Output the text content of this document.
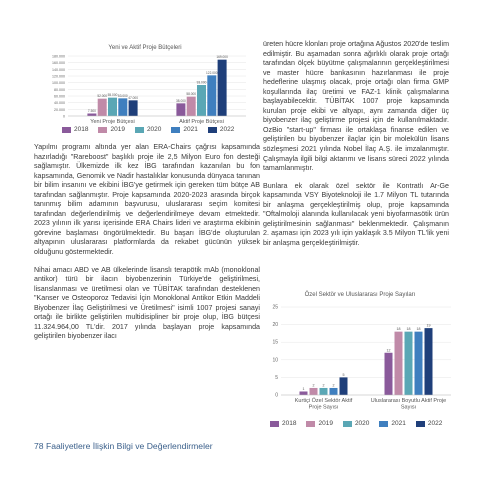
Yeni ve Aktif Proje Bütçeleri
0
20.000
40.000
60.000
80.000
100.000
120.000
140.000
160.000
180.000
7.500
52.000 55.000 53.000 47.000
Yeni Proje Bütçesi
38.000
58.000
93.000
122.000
169.000
Aktif Proje Bütçesi
2018	2019	2020	2021	2022

Yapılmı programı altında yer alan ERA-Chairs çağrısı kapsamında hazırladığı "Rareboost" başlıklı proje ile 2,5 Milyon Euro fon desteği sağlamıştır. Ülkemizde ilk kez İBG tarafından kazanılan bu fon kapsamında, Genomik ve Nadir hastalıklar konusunda dünyaca tanınan bir bilim insanını ve ekibini İBG'ye getirmek için gereken tüm bütçe AB tarafından sağlanmıştır. Proje kapsamında 2020-2023 arasında birçok tanınmış bilim adamının başvurusu, uluslararası seçim komitesi tarafından değerlendirilmiş ve değerlendirilmeye devam etmektedir. 2023 yılının ilk yarısı içerisinde ERA Chairs lideri ve araştırma ekibinin görevine başlaması öngörülmektedir. Bu başarı İBG'de oluşturulan altyapının uluslararası platformlarda da rekabet gücünün yüksek olduğunu göstermektedir.

Nihai amacı ABD ve AB ülkelerinde lisanslı terapötik mAb (monoklonal antikor) türü bir ilacın biyobenzerinin Türkiye'de geliştirilmesi, lisanslanması ve üretilmesi olan ve TÜBİTAK tarafından desteklenen "Kanser ve Osteoporoz Tedavisi İçin Monoklonal Antikor Etkin Maddeli Biyobenzer İlaç Geliştirilmesi ve Üretilmesi" isimli 1007 projesi sanayi ortağı ile birlikte geliştirilen multidisipliner bir proje olup, İBG bütçesi 11.324.964,00 TL'dir. 2017 yılında başlayan proje kapsamında geliştirilen biyobenzer ilacı

üreten hücre klonları proje ortağına Ağustos 2020'de teslim edilmiştir. Bu aşamadan sonra ağırlıklı olarak proje ortağı tarafından ölçek büyütme çalışmalarının gerçekleştirilmesi ve master hücre bankasının hazırlanması ile proje hedeflerine ulaşmış olacak, proje ortağı olan firma GMP koşullarında ilaç üretimi ve FAZ-1 klinik çalışmalarına başlayabilecektir. TÜBİTAK 1007 proje kapsamında kurulan proje ekibi ve altyapı, aynı zamanda diğer üç biyobenzer ilaç geliştirme projesi için de kullanılmaktadır. OzBio "start-up" firması ile ortaklaşa finanse edilen ve geliştirilen bu biyobenzer ilaçlar için bir molekülün lisans sözleşmesi 2021 yılında Nobel İlaç A.Ş. ile imzalanmıştır. Çalışmayla ilgili bilgi aktarımı ve lisans süreci 2022 yılında tamamlanmıştır.

Bunlara ek olarak özel sektör ile Kontratlı Ar-Ge kapsamında VSY Biyoteknoloji ile 1.7 Milyon TL tutarında bir anlaşma gerçekleştirilmiş olup, proje kapsamında "Oftalmoloji alanında kullanılacak yeni biyofarmasötik ürün geliştirilmesinin sağlanması" beklenmektedir. Çalışmanın 2. aşaması için 2023 yılı için yaklaşık 3.5 Milyon TL'lik yeni bir anlaşma gerçekleştirilmiştir.

Özel Sektör ve Uluslararası Proje Sayıları
0
5
10
15
20
25
1
2 2 2
5
Kurtiçi Özel Sektör Aktif
Proje Sayısı
12
18 18 18
19
Uluslararası Boyutlu Aktif Proje
Sayısı
2018	2019	2020	2021	2022
78 Faaliyetlere İlişkin Bilgi ve Değerlendirmeler
